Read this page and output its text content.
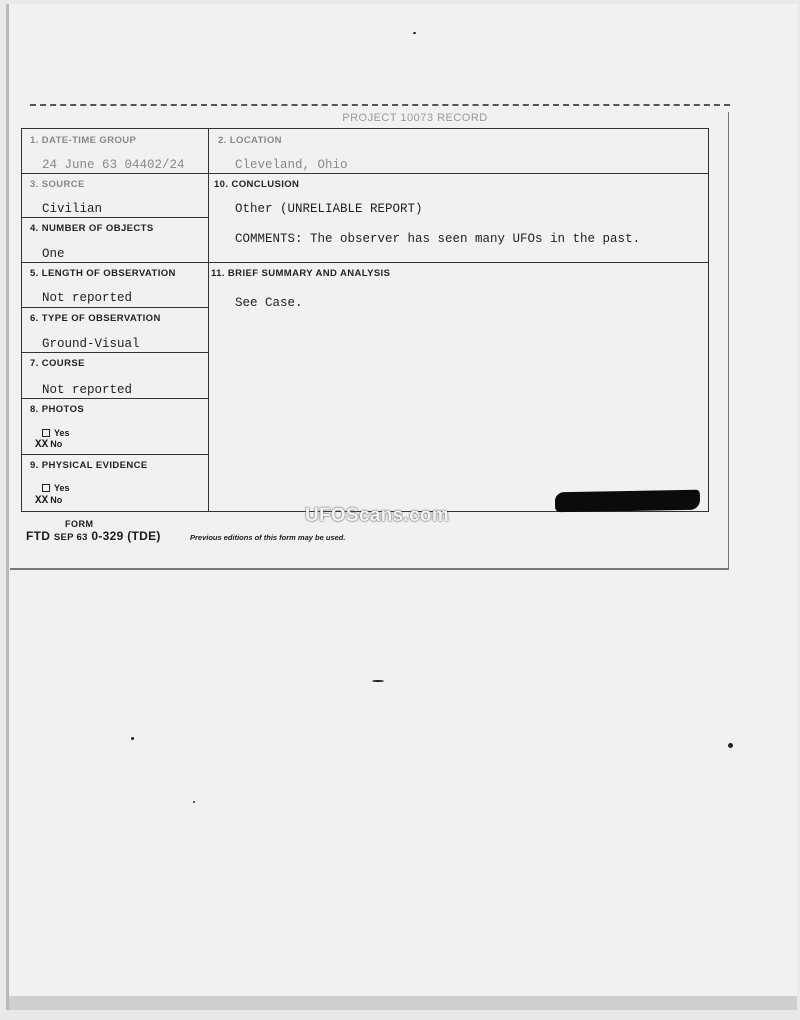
PROJECT 10073 RECORD
1. DATE-TIME GROUP
24 June 63 04402/24
2. LOCATION
Cleveland, Ohio
3. SOURCE
Civilian
4. NUMBER OF OBJECTS
One
5. LENGTH OF OBSERVATION
Not reported
6. TYPE OF OBSERVATION
Ground-Visual
7. COURSE
Not reported
8. PHOTOS
Yes
XX No
9. PHYSICAL EVIDENCE
Yes
XX No
10. CONCLUSION
Other (UNRELIABLE REPORT)
COMMENTS: The observer has seen many UFOs in the past.
11. BRIEF SUMMARY AND ANALYSIS
See Case.
UFOScans.com
FORM
FTD SEP 63 0-329 (TDE)	Previous editions of this form may be used.
